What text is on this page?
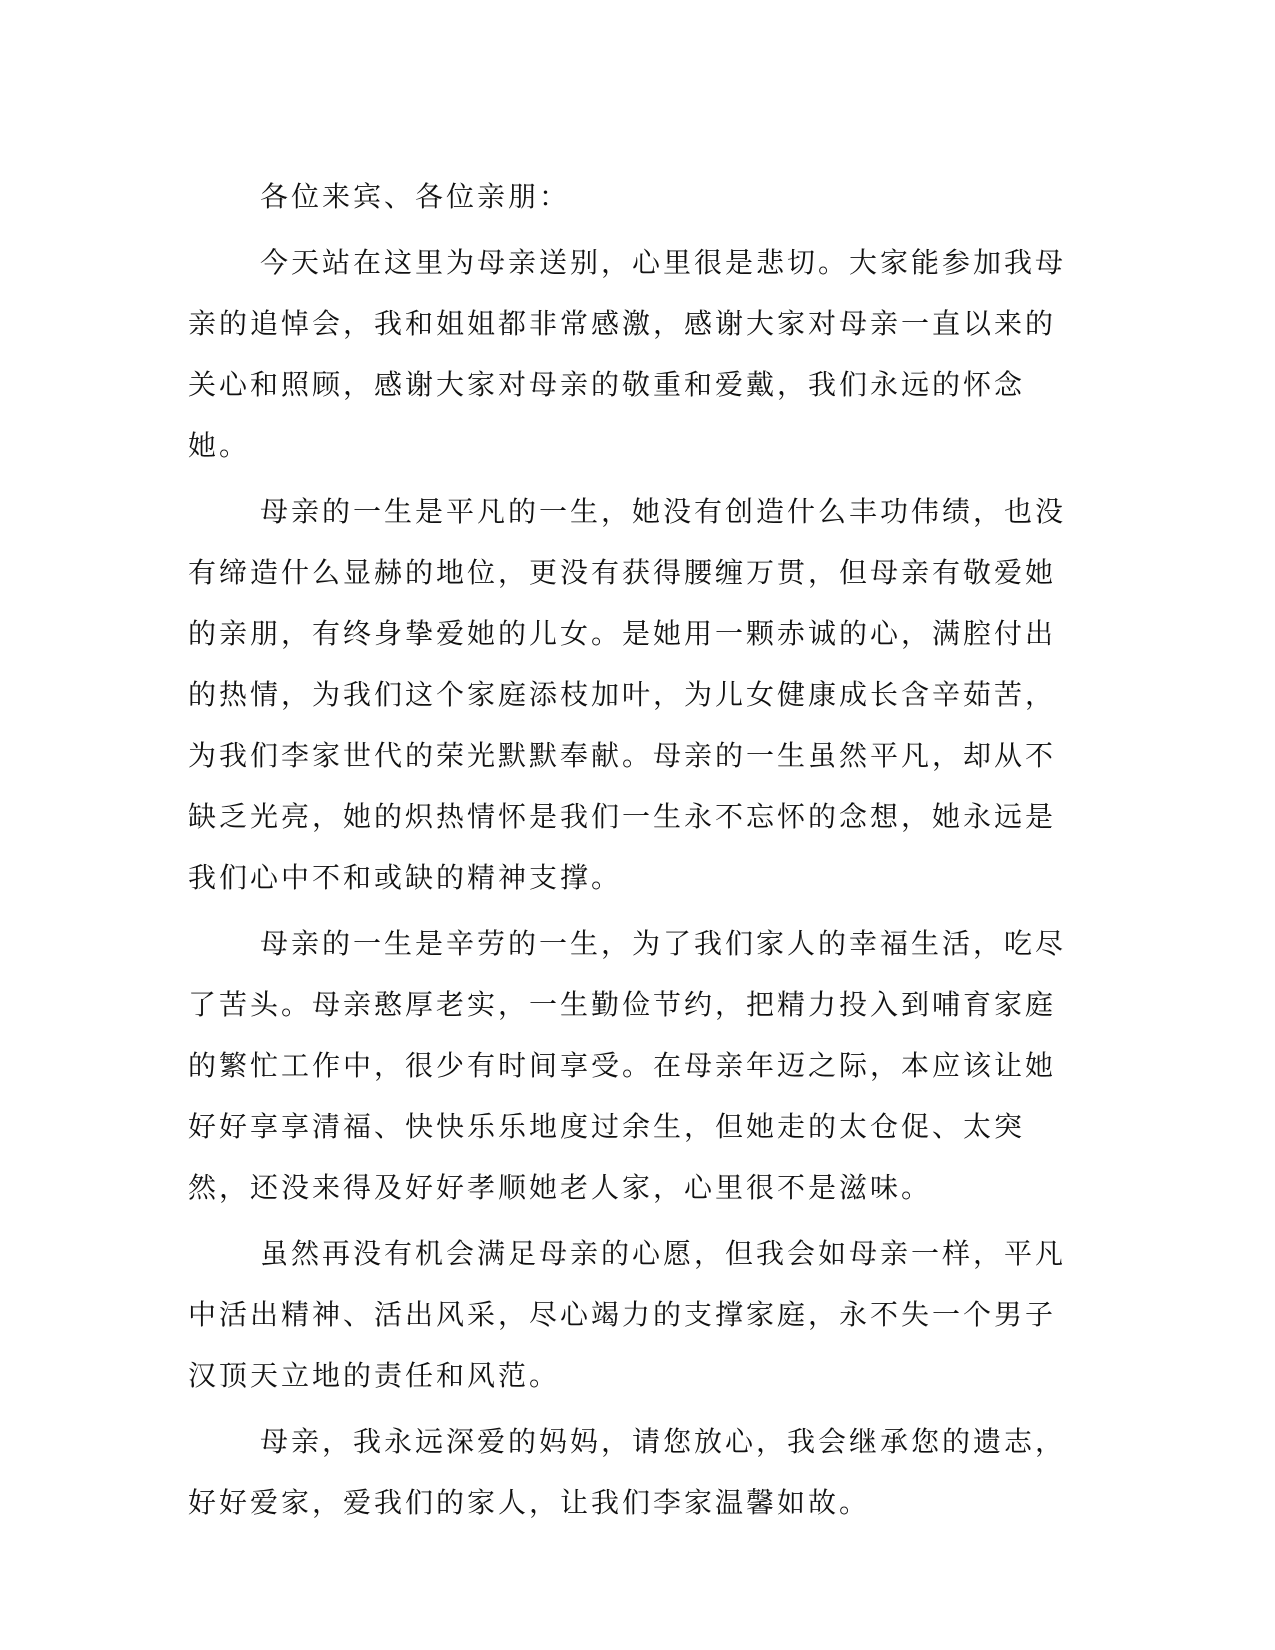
各位来宾、各位亲朋：

今天站在这里为母亲送别，心里很是悲切。大家能参加我母亲的追悼会，我和姐姐都非常感激，感谢大家对母亲一直以来的关心和照顾，感谢大家对母亲的敬重和爱戴，我们永远的怀念她。

母亲的一生是平凡的一生，她没有创造什么丰功伟绩，也没有缔造什么显赫的地位，更没有获得腰缠万贯，但母亲有敬爱她的亲朋，有终身挚爱她的儿女。是她用一颗赤诚的心，满腔付出的热情，为我们这个家庭添枝加叶，为儿女健康成长含辛茹苦，为我们李家世代的荣光默默奉献。母亲的一生虽然平凡，却从不缺乏光亮，她的炽热情怀是我们一生永不忘怀的念想，她永远是我们心中不和或缺的精神支撑。

母亲的一生是辛劳的一生，为了我们家人的幸福生活，吃尽了苦头。母亲憨厚老实，一生勤俭节约，把精力投入到哺育家庭的繁忙工作中，很少有时间享受。在母亲年迈之际，本应该让她好好享享清福、快快乐乐地度过余生，但她走的太仓促、太突然，还没来得及好好孝顺她老人家，心里很不是滋味。

虽然再没有机会满足母亲的心愿，但我会如母亲一样，平凡中活出精神、活出风采，尽心竭力的支撑家庭，永不失一个男子汉顶天立地的责任和风范。

母亲，我永远深爱的妈妈，请您放心，我会继承您的遗志，好好爱家，爱我们的家人，让我们李家温馨如故。
